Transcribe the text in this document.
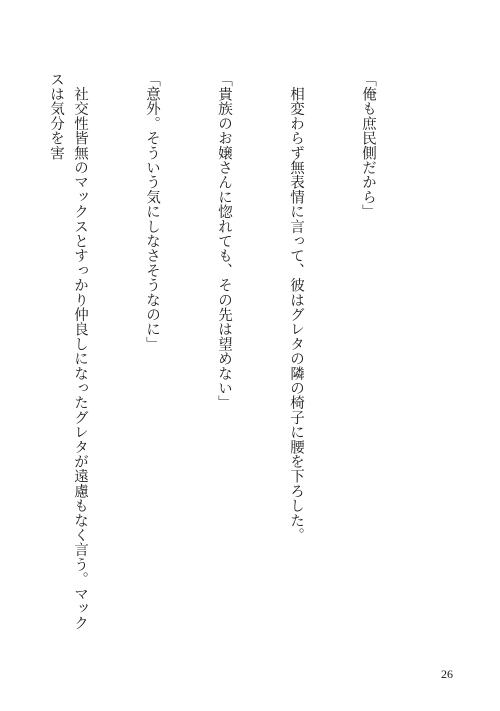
「俺も庶民側だから」

　相変わらず無表情に言って、彼はグレタの隣の椅子に腰を下ろした。

「貴族のお嬢さんに惚れても、その先は望めない」

「意外。そういう気にしなさそうなのに」

　社交性皆無のマックスとすっかり仲良しになったグレタが遠慮もなく言う。マックスは気分を害

26
